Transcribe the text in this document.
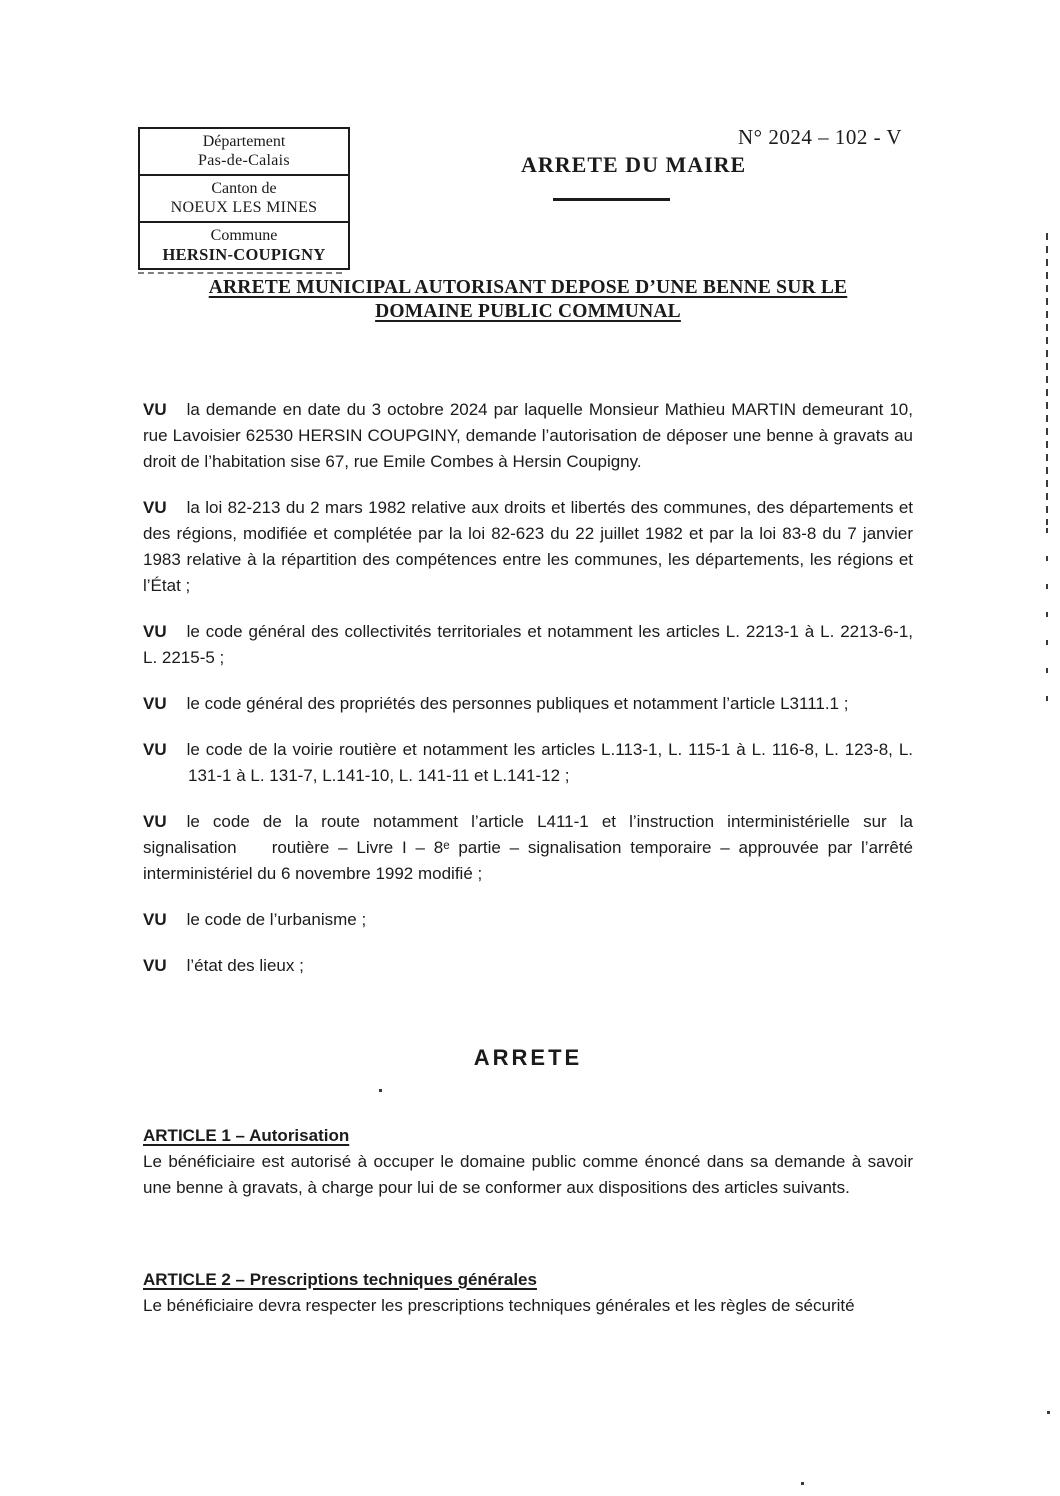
Département
Pas-de-Calais
Canton de
NOEUX LES MINES
Commune
HERSIN-COUPIGNY
N° 2024 – 102 - V
ARRETE DU MAIRE
ARRETE MUNICIPAL AUTORISANT DEPOSE D’UNE BENNE SUR LE
DOMAINE PUBLIC COMMUNAL

VU la demande en date du 3 octobre 2024 par laquelle Monsieur Mathieu MARTIN demeurant 10, rue Lavoisier 62530 HERSIN COUPGINY, demande l’autorisation de déposer une benne à gravats au droit de l’habitation sise 67, rue Emile Combes à Hersin Coupigny.

VU la loi 82-213 du 2 mars 1982 relative aux droits et libertés des communes, des départements et des régions, modifiée et complétée par la loi 82-623 du 22 juillet 1982 et par la loi 83-8 du 7 janvier 1983 relative à la répartition des compétences entre les communes, les départements, les régions et l’État ;

VU le code général des collectivités territoriales et notamment les articles L. 2213-1 à L. 2213-6-1, L. 2215-5 ;

VU le code général des propriétés des personnes publiques et notamment l’article L3111.1 ;

VU le code de la voirie routière et notamment les articles L.113-1, L. 115-1 à L. 116-8, L. 123-8, L. 131-1 à L. 131-7, L.141-10, L. 141-11 et L.141-12 ;

VU le code de la route notamment l’article L411-1 et l’instruction interministérielle sur la signalisation    routière – Livre I – 8ᵉ partie – signalisation temporaire – approuvée par l’arrêté interministériel du 6 novembre 1992 modifié ;

VU le code de l’urbanisme ;

VU l’état des lieux ;

ARRETE
ARTICLE 1 – Autorisation

Le bénéficiaire est autorisé à occuper le domaine public comme énoncé dans sa demande à savoir une benne à gravats, à charge pour lui de se conformer aux dispositions des articles suivants.

ARTICLE 2 – Prescriptions techniques générales

Le bénéficiaire devra respecter les prescriptions techniques générales et les règles de sécurité
